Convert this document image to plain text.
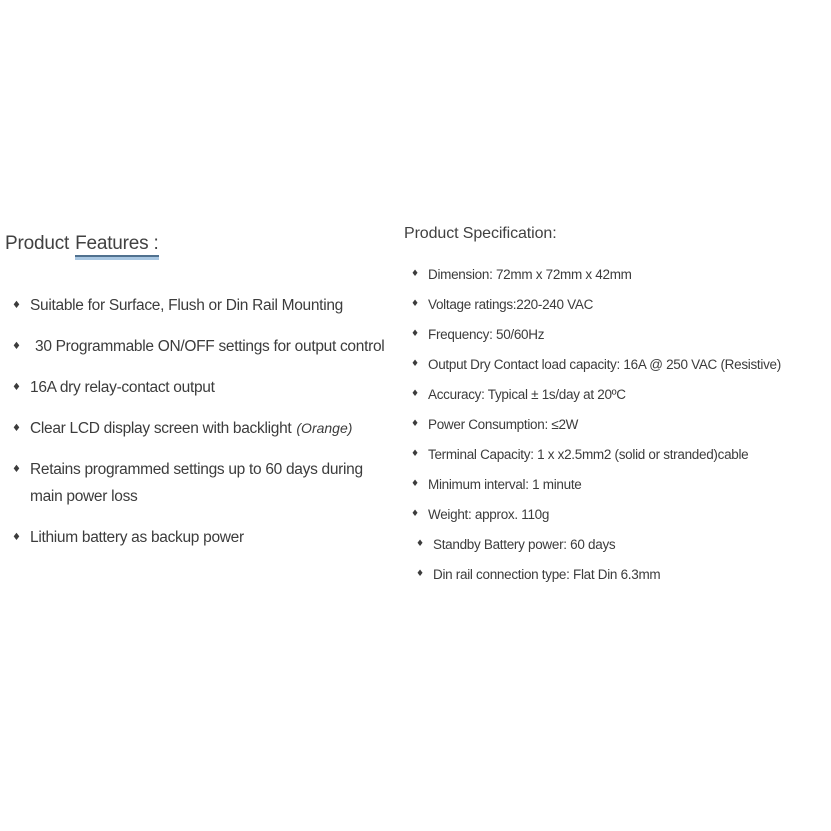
Product Features :
♦ Suitable for Surface, Flush or Din Rail Mounting
♦ 30 Programmable ON/OFF settings for output control
♦ 16A dry relay-contact output
♦ Clear LCD display screen with backlight (Orange)
♦ Retains programmed settings up to 60 days during main power loss
♦ Lithium battery as backup power
Product Specification:
♦ Dimension: 72mm x 72mm x 42mm
♦ Voltage ratings:220-240 VAC
♦ Frequency: 50/60Hz
♦ Output Dry Contact load capacity: 16A @ 250 VAC (Resistive)
♦ Accuracy: Typical ± 1s/day at 20ºC
♦ Power Consumption: ≤2W
♦ Terminal Capacity: 1 x x2.5mm2 (solid or stranded)cable
♦ Minimum interval: 1 minute
♦ Weight: approx. 110g
♦ Standby Battery power: 60 days
♦ Din rail connection type: Flat Din 6.3mm
